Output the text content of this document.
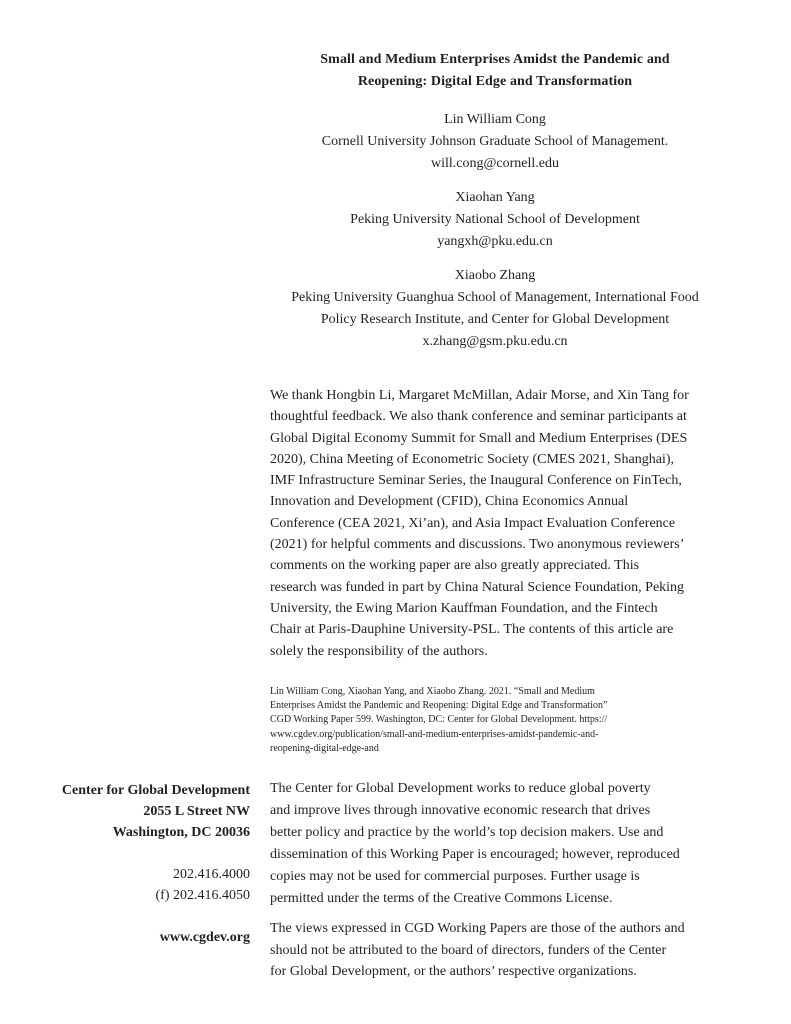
Small and Medium Enterprises Amidst the Pandemic and
Reopening: Digital Edge and Transformation
Lin William Cong
Cornell University Johnson Graduate School of Management.
will.cong@cornell.edu
Xiaohan Yang
Peking University National School of Development
yangxh@pku.edu.cn
Xiaobo Zhang
Peking University Guanghua School of Management, International Food
Policy Research Institute, and Center for Global Development
x.zhang@gsm.pku.edu.cn
We thank Hongbin Li, Margaret McMillan, Adair Morse, and Xin Tang for
thoughtful feedback. We also thank conference and seminar participants at
Global Digital Economy Summit for Small and Medium Enterprises (DES
2020), China Meeting of Econometric Society (CMES 2021, Shanghai),
IMF Infrastructure Seminar Series, the Inaugural Conference on FinTech,
Innovation and Development (CFID), China Economics Annual
Conference (CEA 2021, Xi’an), and Asia Impact Evaluation Conference
(2021) for helpful comments and discussions. Two anonymous reviewers’
comments on the working paper are also greatly appreciated. This
research was funded in part by China Natural Science Foundation, Peking
University, the Ewing Marion Kauffman Foundation, and the Fintech
Chair at Paris-Dauphine University-PSL. The contents of this article are
solely the responsibility of the authors.
Lin William Cong, Xiaohan Yang, and Xiaobo Zhang. 2021. “Small and Medium
Enterprises Amidst the Pandemic and Reopening: Digital Edge and Transformation”
CGD Working Paper 599. Washington, DC: Center for Global Development. https://
www.cgdev.org/publication/small-and-medium-enterprises-amidst-pandemic-and-
reopening-digital-edge-and
Center for Global Development
2055 L Street NW
Washington, DC 20036
202.416.4000
(f) 202.416.4050
www.cgdev.org
The Center for Global Development works to reduce global poverty
and improve lives through innovative economic research that drives
better policy and practice by the world’s top decision makers. Use and
dissemination of this Working Paper is encouraged; however, reproduced
copies may not be used for commercial purposes. Further usage is
permitted under the terms of the Creative Commons License.
The views expressed in CGD Working Papers are those of the authors and
should not be attributed to the board of directors, funders of the Center
for Global Development, or the authors’ respective organizations.
